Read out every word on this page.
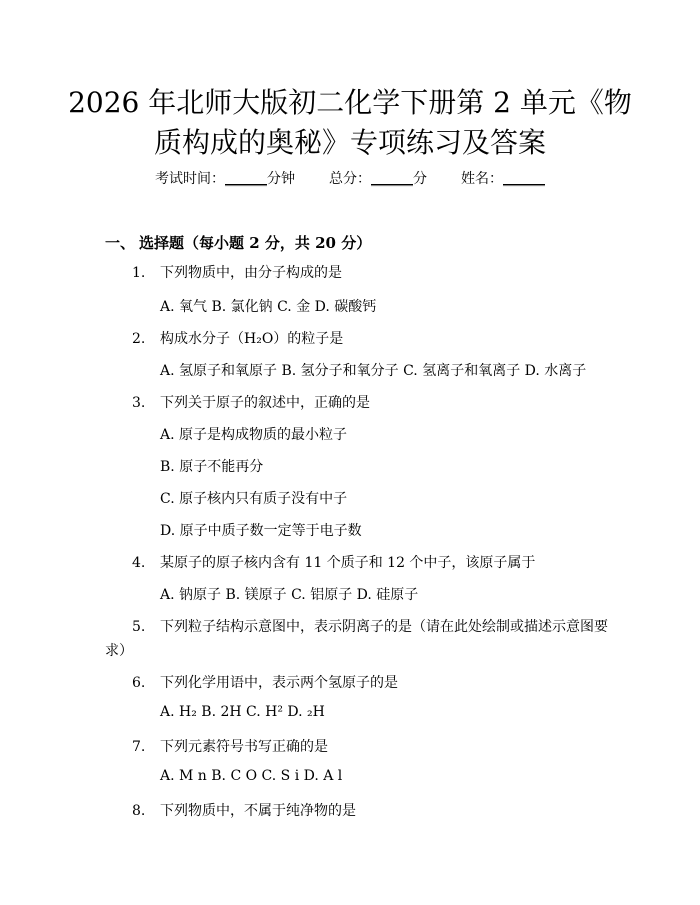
2026 年北师大版初二化学下册第 2 单元《物
质构成的奥秘》专项练习及答案
考试时间：______分钟 总分：______分 姓名：______
一、 选择题（每小题 2 分，共 20 分）
1. 下列物质中，由分子构成的是
A. 氧气 B. 氯化钠 C. 金 D. 碳酸钙
2. 构成水分子（H₂O）的粒子是
A. 氢原子和氧原子 B. 氢分子和氧分子 C. 氢离子和氧离子 D. 水离子
3. 下列关于原子的叙述中，正确的是
A. 原子是构成物质的最小粒子
B. 原子不能再分
C. 原子核内只有质子没有中子
D. 原子中质子数一定等于电子数
4. 某原子的原子核内含有 11 个质子和 12 个中子，该原子属于
A. 钠原子 B. 镁原子 C. 铝原子 D. 硅原子
5. 下列粒子结构示意图中，表示阴离子的是（请在此处绘制或描述示意图要
求）
6. 下列化学用语中，表示两个氢原子的是
A. H₂ B. 2H C. H² D. ₂H
7. 下列元素符号书写正确的是
A. M n B. C O C. S i D. A l
8. 下列物质中，不属于纯净物的是
